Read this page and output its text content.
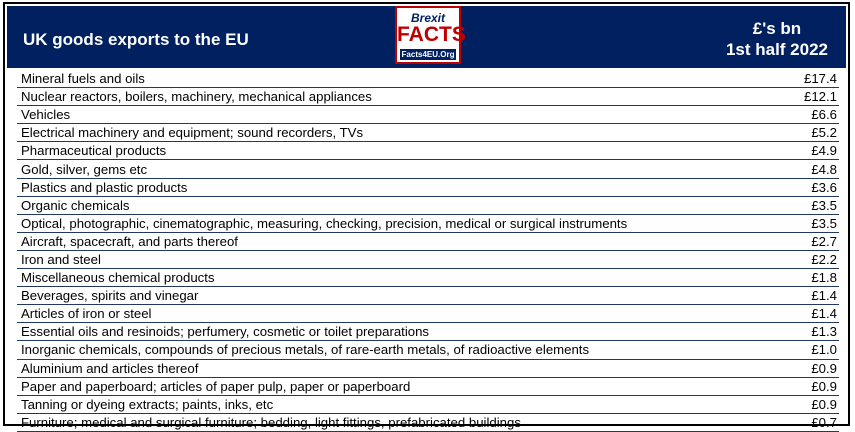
UK goods exports to the EU
Brexit
FACTS
Facts4EU.Org
£'s bn
1st half 2022
Mineral fuels and oils	£17.4
Nuclear reactors, boilers, machinery, mechanical appliances	£12.1
Vehicles	£6.6
Electrical machinery and equipment; sound recorders, TVs	£5.2
Pharmaceutical products	£4.9
Gold, silver, gems etc	£4.8
Plastics and plastic products	£3.6
Organic chemicals	£3.5
Optical, photographic, cinematographic, measuring, checking, precision, medical or surgical instruments	£3.5
Aircraft, spacecraft, and parts thereof	£2.7
Iron and steel	£2.2
Miscellaneous chemical products	£1.8
Beverages, spirits and vinegar	£1.4
Articles of iron or steel	£1.4
Essential oils and resinoids; perfumery, cosmetic or toilet preparations	£1.3
Inorganic chemicals, compounds of precious metals, of rare-earth metals, of radioactive elements	£1.0
Aluminium and articles thereof	£0.9
Paper and paperboard; articles of paper pulp, paper or paperboard	£0.9
Tanning or dyeing extracts; paints, inks, etc	£0.9
Furniture; medical and surgical furniture; bedding, light fittings, prefabricated buildings	£0.7
